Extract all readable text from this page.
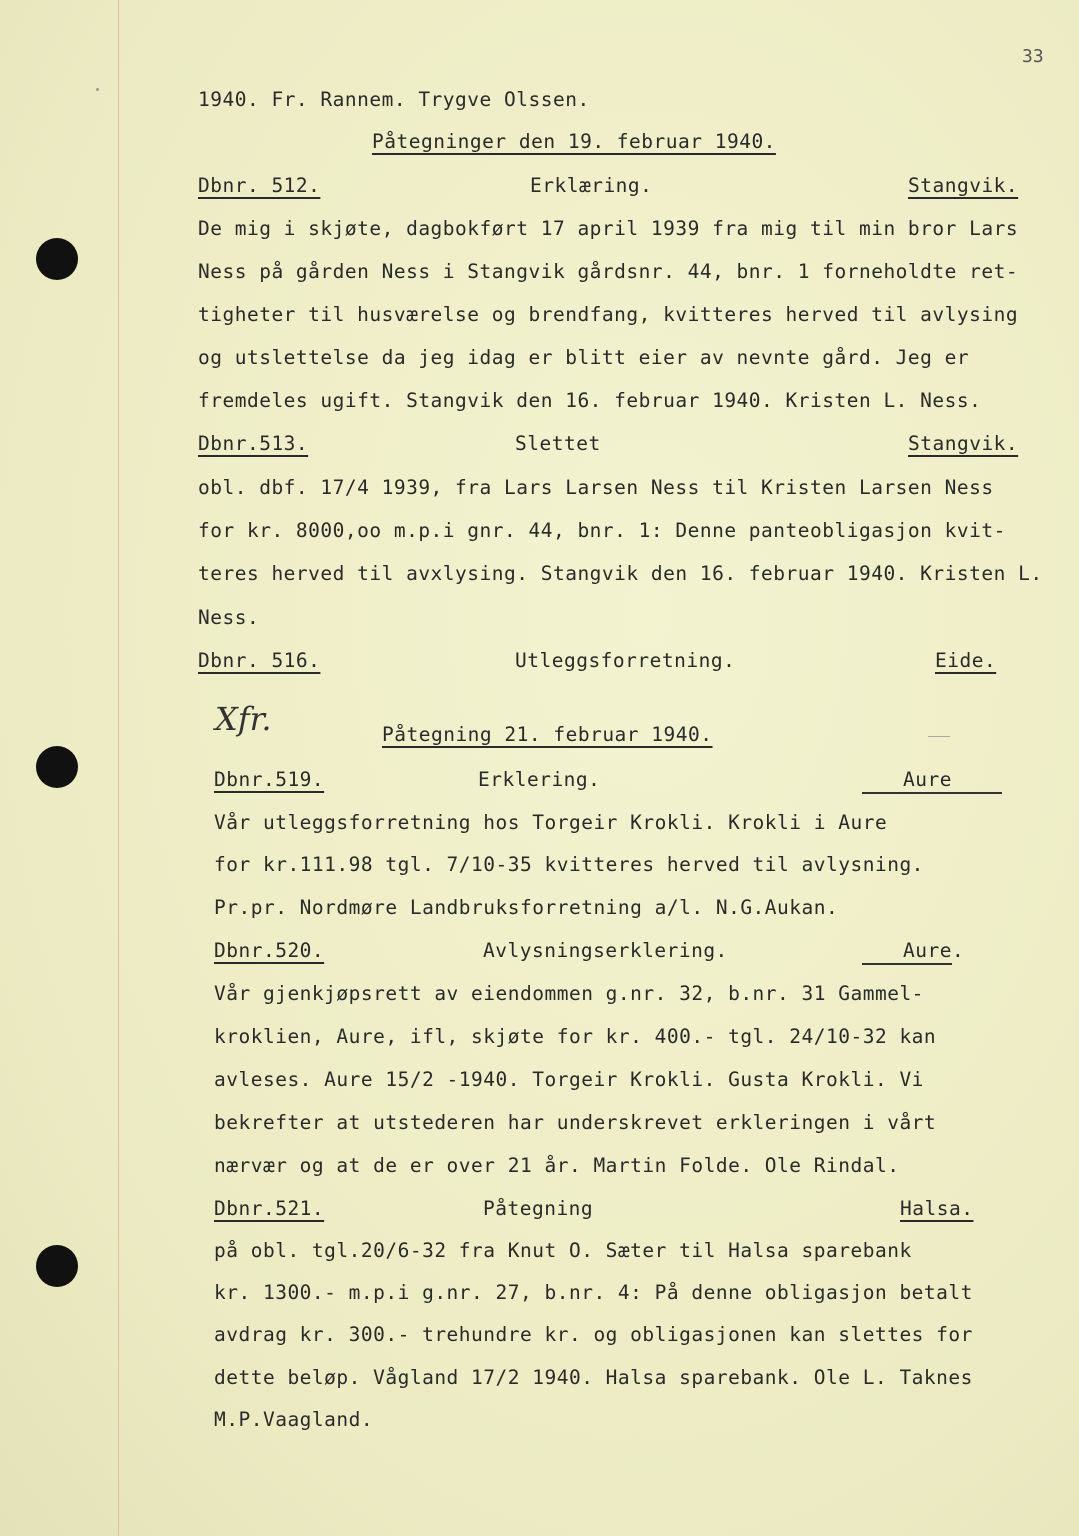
33
1940. Fr. Rannem. Trygve Olssen.
Påtegninger den 19. februar 1940.
Dbnr. 512.	Erklæring.	Stangvik.
De mig i skjøte, dagbokført 17 april 1939 fra mig til min bror Lars
Ness på gården Ness i Stangvik gårdsnr. 44, bnr. 1 forneholdte ret-
tigheter til husværelse og brendfang, kvitteres herved til avlysing
og utslettelse da jeg idag er blitt eier av nevnte gård. Jeg er
fremdeles ugift. Stangvik den 16. februar 1940. Kristen L. Ness.
Dbnr.513.	Slettet	Stangvik.
obl. dbf. 17/4 1939, fra Lars Larsen Ness til Kristen Larsen Ness
for kr. 8000,oo m.p.i gnr. 44, bnr. 1: Denne panteobligasjon kvit-
teres herved til avxlysing. Stangvik den 16. februar 1940. Kristen L.
Ness.
Dbnr. 516.	Utleggsforretning.	Eide.
Xfr.	Påtegning 21. februar 1940.
Dbnr.519.	Erklering.	Aure
Vår utleggsforretning hos Torgeir Krokli. Krokli i Aure
for kr.111.98 tgl. 7/10-35 kvitteres herved til avlysning.
Pr.pr. Nordmøre Landbruksforretning a/l. N.G.Aukan.
Dbnr.520.	Avlysningserklering.	Aure.
Vår gjenkjøpsrett av eiendommen g.nr. 32, b.nr. 31 Gammel-
kroklien, Aure, ifl, skjøte for kr. 400.- tgl. 24/10-32 kan
avleses. Aure 15/2 -1940. Torgeir Krokli. Gusta Krokli. Vi
bekrefter at utstederen har underskrevet erkleringen i vårt
nærvær og at de er over 21 år. Martin Folde. Ole Rindal.
Dbnr.521.	Påtegning	Halsa.
på obl. tgl.20/6-32 fra Knut O. Sæter til Halsa sparebank
kr. 1300.- m.p.i g.nr. 27, b.nr. 4: På denne obligasjon betalt
avdrag kr. 300.- trehundre kr. og obligasjonen kan slettes for
dette beløp. Vågland 17/2 1940. Halsa sparebank. Ole L. Taknes
M.P.Vaagland.
